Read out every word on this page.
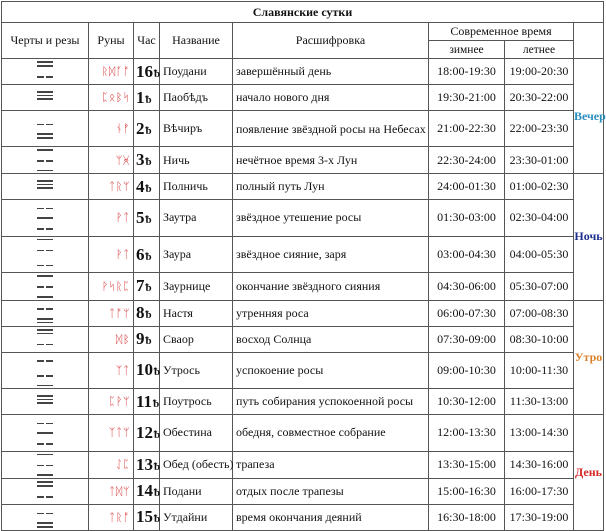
Славянские сутки							
Черты и резы	Руны	Час	Название	Расшифровка	Современное время		
					зимнее	летнее	

	ᚱᛞᚪᚩ	16ᵬ	Поудани	завершённый день	18:00-19:30	19:00-20:30	Вечер

	ᛈᛟᛒᛋ	1ᵬ	Паобѣдъ	начало нового дня	19:30-21:00	20:30-22:00	

	ᚾᚠ	2ᵬ	Вѣчиръ	появление звёздной росы на Небесах	21:00-22:30	22:00-23:30	

	ᛘᚸ	3ᵬ	Ничь	нечётное время 3-х Лун	22:30-24:00	23:30-01:00	

	ᛏᚱᛘ	4ᵬ	Полничь	полный путь Лун	24:00-01:30	01:00-02:30	Ночь

	ᚹᛏ	5ᵬ	Заутра	звёздное утешение росы	01:30-03:00	02:30-04:00	

	ᚹᛏ	6ᵬ	Заура	звёздное сияние, заря	03:00-04:30	04:00-05:30	

	ᚹᛋᚱᛈ	7ᵬ	Заурнице	окончание звёздного сияния	04:30-06:00	05:30-07:00	

	ᛏᚩᛘ	8ᵬ	Настя	утренняя роса	06:00-07:30	07:00-08:30	Утро

	ᛞᛒ	9ᵬ	Сваор	восход Солнца	07:30-09:00	08:30-10:00	

	ᛉᛏ	10ᵬ	Утрось	успокоение росы	09:00-10:30	10:00-11:30	

	ᛈᚹᛘ	11ᵬ	Поутрось	путь собирания успокоенной росы	10:30-12:00	11:30-13:00	

	ᛉᛏᛘ	12ᵬ	Обестина	обедня, совместное собрание	12:00-13:30	13:00-14:30	День

	ᛇᛈ	13ᵬ	Обед (обесть)	трапеза	13:30-15:00	14:30-16:00	

	ᛏᛞᛘ	14ᵬ	Подани	отдых после трапезы	15:00-16:30	16:00-17:30	

	ᛏᚱᚩ	15ᵬ	Утдайни	время окончания деяний	16:30-18:00	17:30-19:00	
